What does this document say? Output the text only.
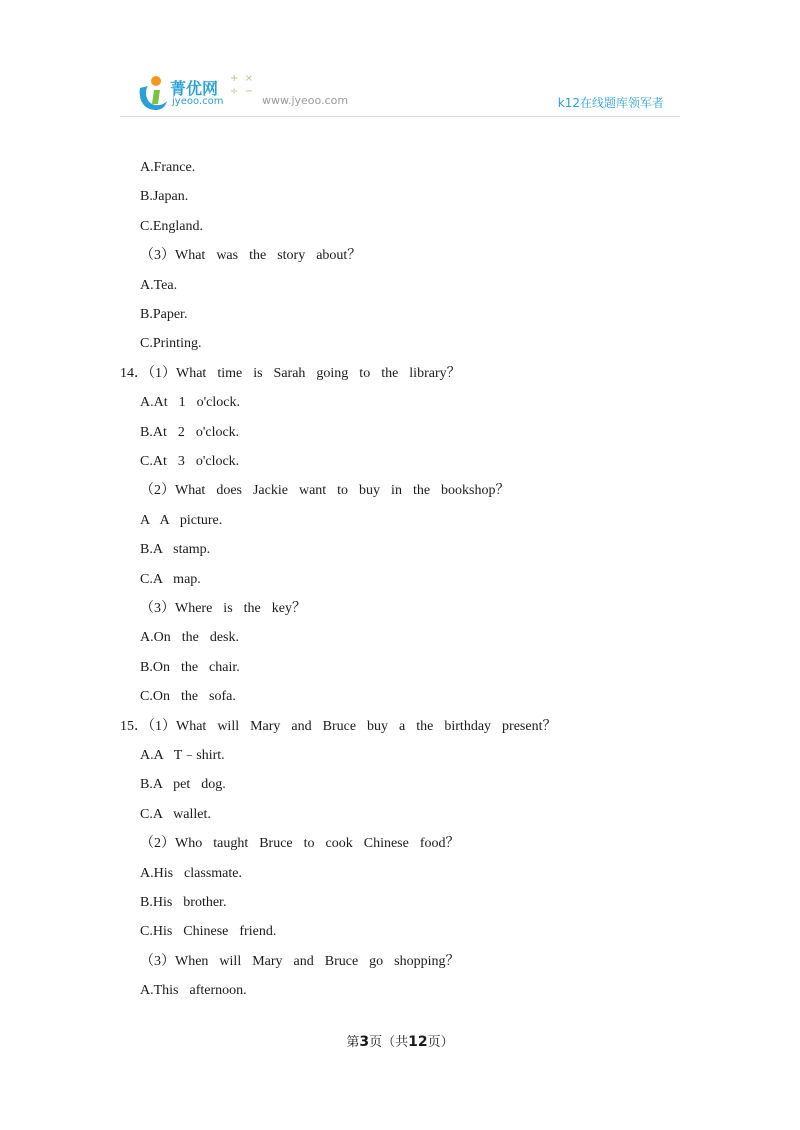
菁优网
jyeoo.com
+ ×
÷ −
www.jyeoo.com	k12在线题库领军者
A.France.
B.Japan.
C.England.
（3）What  was  the  story  about？
A.Tea.
B.Paper.
C.Printing.
14．（1）What  time  is  Sarah  going  to  the  library？
A.At  1  o'clock.
B.At  2  o'clock.
C.At  3  o'clock.
（2）What  does  Jackie  want  to  buy  in  the  bookshop？
A  A  picture.
B.A  stamp.
C.A  map.
（3）Where  is  the  key？
A.On  the  desk.
B.On  the  chair.
C.On  the  sofa.
15．（1）What  will  Mary  and  Bruce  buy  a  the  birthday  present？
A.A  T﹣shirt.
B.A  pet  dog.
C.A  wallet.
（2）Who  taught  Bruce  to  cook  Chinese  food？
A.His  classmate.
B.His  brother.
C.His  Chinese  friend.
（3）When  will  Mary  and  Bruce  go  shopping？
A.This  afternoon.
第3页（共12页）
